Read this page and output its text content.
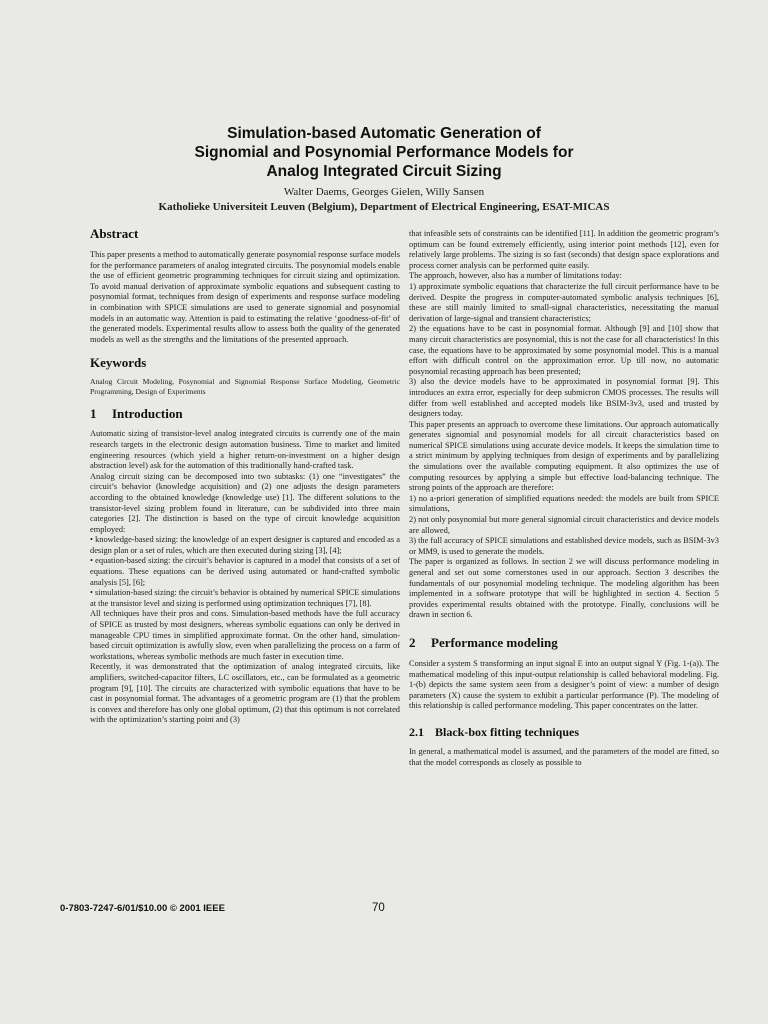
Simulation-based Automatic Generation of
Signomial and Posynomial Performance Models for
Analog Integrated Circuit Sizing
Walter Daems, Georges Gielen, Willy Sansen
Katholieke Universiteit Leuven (Belgium), Department of Electrical Engineering, ESAT-MICAS
Abstract

This paper presents a method to automatically generate posynomial response surface models for the performance parameters of analog integrated circuits. The posynomial models enable the use of efficient geometric programming techniques for circuit sizing and optimization. To avoid manual derivation of approximate symbolic equations and subsequent casting to posynomial format, techniques from design of experiments and response surface modeling in combination with SPICE simulations are used to generate signomial and posynomial models in an automatic way. Attention is paid to estimating the relative ‘goodness-of-fit’ of the generated models. Experimental results allow to assess both the quality of the generated models as well as the strengths and the limitations of the presented approach.

Keywords

Analog Circuit Modeling, Posynomial and Signomial Response Surface Modeling, Geometric Programming, Design of Experiments

1 Introduction

Automatic sizing of transistor-level analog integrated circuits is currently one of the main research targets in the electronic design automation business. Time to market and limited engineering resources (which yield a higher return-on-investment on a higher design abstraction level) ask for the automation of this traditionally hand-crafted task.

Analog circuit sizing can be decomposed into two subtasks: (1) one “investigates” the circuit’s behavior (knowledge acquisition) and (2) one adjusts the design parameters according to the obtained knowledge (knowledge use) [1]. The different solutions to the transistor-level sizing problem found in literature, can be subdivided into three main categories [2]. The distinction is based on the type of circuit knowledge acquisition employed:

• knowledge-based sizing: the knowledge of an expert designer is captured and encoded as a design plan or a set of rules, which are then executed during sizing [3], [4];

• equation-based sizing: the circuit’s behavior is captured in a model that consists of a set of equations. These equations can be derived using automated or hand-crafted symbolic analysis [5], [6];

• simulation-based sizing: the circuit’s behavior is obtained by numerical SPICE simulations at the transistor level and sizing is performed using optimization techniques [7], [8].

All techniques have their pros and cons. Simulation-based methods have the full accuracy of SPICE as trusted by most designers, whereas symbolic equations can only be derived in manageable CPU times in simplified approximate format. On the other hand, simulation-based circuit optimization is awfully slow, even when parallelizing the process on a farm of workstations, whereas symbolic methods are much faster in execution time.

Recently, it was demonstrated that the optimization of analog integrated circuits, like amplifiers, switched-capacitor filters, LC oscillators, etc., can be formulated as a geometric program [9], [10]. The circuits are characterized with symbolic equations that have to be cast in posynomial format. The advantages of a geometric program are (1) that the problem is convex and therefore has only one global optimum, (2) that this optimum is not correlated with the optimization’s starting point and (3)

that infeasible sets of constraints can be identified [11]. In addition the geometric program’s optimum can be found extremely efficiently, using interior point methods [12], even for relatively large problems. The sizing is so fast (seconds) that design space explorations and process corner analysis can be performed quite easily.

The approach, however, also has a number of limitations today:

1) approximate symbolic equations that characterize the full circuit performance have to be derived. Despite the progress in computer-automated symbolic analysis techniques [6], these are still mainly limited to small-signal characteristics, necessitating the manual derivation of large-signal and transient characteristics;

2) the equations have to be cast in posynomial format. Although [9] and [10] show that many circuit characteristics are posynomial, this is not the case for all characteristics! In this case, the equations have to be approximated by some posynomial model. This is a manual effort with difficult control on the approximation error. Up till now, no automatic posynomial recasting approach has been presented;

3) also the device models have to be approximated in posynomial format [9]. This introduces an extra error, especially for deep submicron CMOS processes. The results will differ from well established and accepted models like BSIM-3v3, used and trusted by designers today.

This paper presents an approach to overcome these limitations. Our approach automatically generates signomial and posynomial models for all circuit characteristics based on numerical SPICE simulations using accurate device models. It keeps the simulation time to a strict minimum by applying techniques from design of experiments and by parallelizing the simulations over the available computing equipment. It also optimizes the use of computing resources by applying a simple but effective load-balancing technique. The strong points of the approach are therefore:

1) no a-priori generation of simplified equations needed: the models are built from SPICE simulations,

2) not only posynomial but more general signomial circuit characteristics and device models are allowed,

3) the full accuracy of SPICE simulations and established device models, such as BSIM-3v3 or MM9, is used to generate the models.

The paper is organized as follows. In section 2 we will discuss performance modeling in general and set out some cornerstones used in our approach. Section 3 describes the fundamentals of our posynomial modeling technique. The modeling algorithm has been implemented in a software prototype that will be highlighted in section 4. Section 5 provides experimental results obtained with the prototype. Finally, conclusions will be drawn in section 6.

2 Performance modeling

Consider a system S transforming an input signal E into an output signal Y (Fig. 1-(a)). The mathematical modeling of this input-output relationship is called behavioral modeling. Fig. 1-(b) depicts the same system seen from a designer’s point of view: a number of design parameters (X) cause the system to exhibit a particular performance (P). The modeling of this relationship is called performance modeling. This paper concentrates on the latter.

2.1 Black-box fitting techniques

In general, a mathematical model is assumed, and the parameters of the model are fitted, so that the model corresponds as closely as possible to

0-7803-7247-6/01/$10.00 © 2001 IEEE	70
